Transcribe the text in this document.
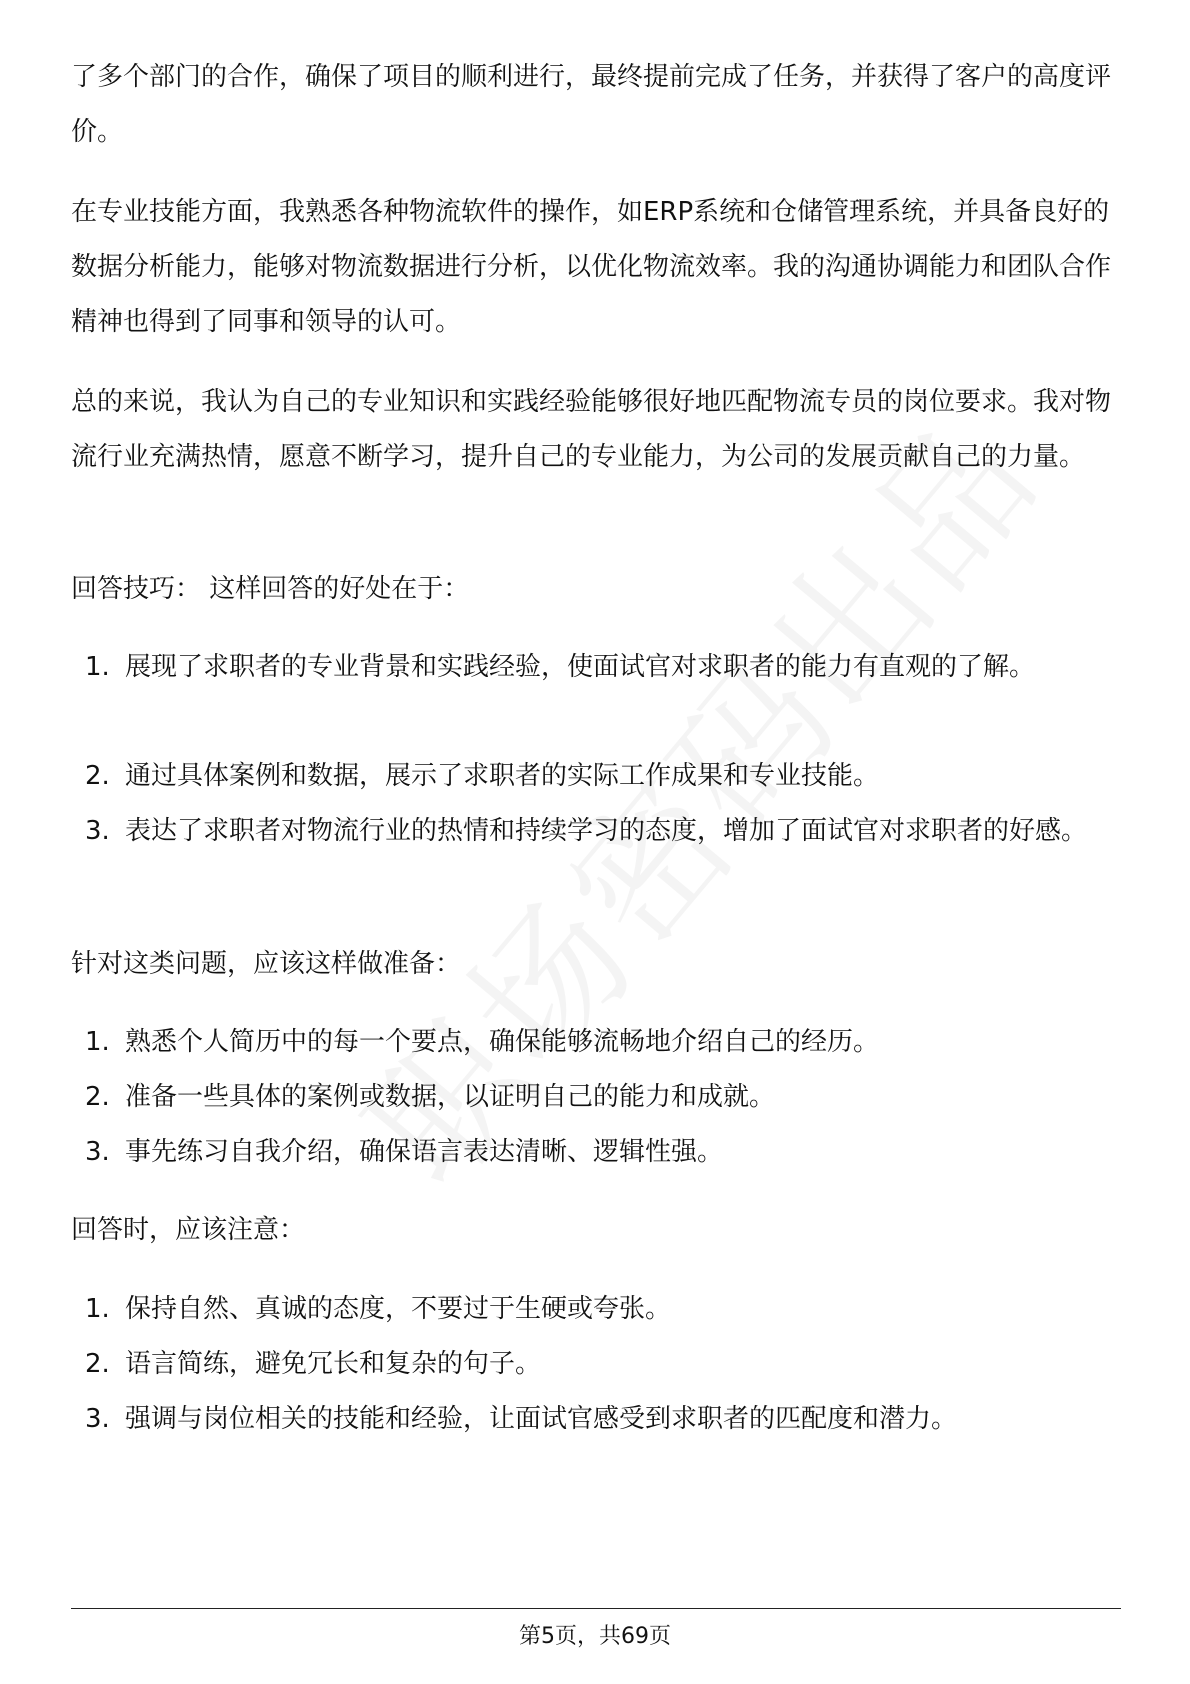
了多个部门的合作，确保了项目的顺利进行，最终提前完成了任务，并获得了客户的高度评价。

在专业技能方面，我熟悉各种物流软件的操作，如ERP系统和仓储管理系统，并具备良好的数据分析能力，能够对物流数据进行分析，以优化物流效率。我的沟通协调能力和团队合作精神也得到了同事和领导的认可。

总的来说，我认为自己的专业知识和实践经验能够很好地匹配物流专员的岗位要求。我对物流行业充满热情，愿意不断学习，提升自己的专业能力，为公司的发展贡献自己的力量。

回答技巧： 这样回答的好处在于：

1. 展现了求职者的专业背景和实践经验，使面试官对求职者的能力有直观的了解。
2. 通过具体案例和数据，展示了求职者的实际工作成果和专业技能。
3. 表达了求职者对物流行业的热情和持续学习的态度，增加了面试官对求职者的好感。

针对这类问题，应该这样做准备：

1. 熟悉个人简历中的每一个要点，确保能够流畅地介绍自己的经历。
2. 准备一些具体的案例或数据，以证明自己的能力和成就。
3. 事先练习自我介绍，确保语言表达清晰、逻辑性强。

回答时，应该注意：

1. 保持自然、真诚的态度，不要过于生硬或夸张。
2. 语言简练，避免冗长和复杂的句子。
3. 强调与岗位相关的技能和经验，让面试官感受到求职者的匹配度和潜力。
第5页，共69页
